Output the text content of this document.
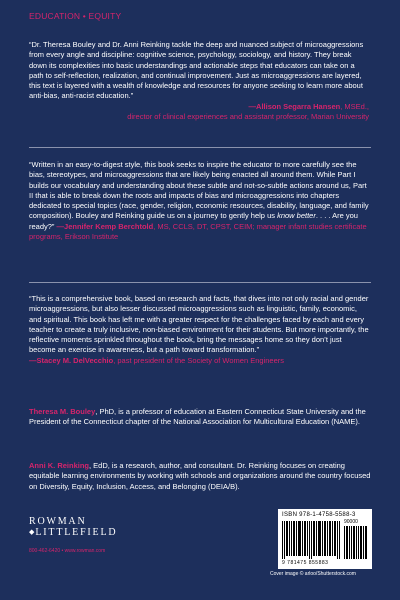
EDUCATION • EQUITY

“Dr. Theresa Bouley and Dr. Anni Reinking tackle the deep and nuanced subject of microaggressions from every angle and discipline: cognitive science, psychology, sociology, and history. They break down its complexities into basic understandings and actionable steps that educators can take on a path to self-reflection, realization, and continual improvement. Just as microaggressions are layered, this text is layered with a wealth of knowledge and resources for anyone seeking to learn more about anti-bias, anti-racist education.”

—Allison Segarra Hansen, MSEd.,
director of clinical experiences and assistant professor, Marian University

“Written in an easy-to-digest style, this book seeks to inspire the educator to more carefully see the bias, stereotypes, and microaggressions that are likely being enacted all around them. While Part I builds our vocabulary and understanding about these subtle and not-so-subtle actions around us, Part II that is able to break down the roots and impacts of bias and microaggressions into chapters dedicated to special topics (race, gender, religion, economic resources, disability, language, and family composition). Bouley and Reinking guide us on a journey to gently help us know better. . . . Are you ready?” —Jennifer Kemp Berchtold, MS, CCLS, DT, CPST, CEIM; manager infant studies certificate programs, Erikson Institute

“This is a comprehensive book, based on research and facts, that dives into not only racial and gender microaggressions, but also lesser discussed microaggressions such as linguistic, family, economic, and spiritual. This book has left me with a greater respect for the challenges faced by each and every teacher to create a truly inclusive, non-biased environment for their students. But more importantly, the reflective moments sprinkled throughout the book, bring the messages home so they don’t just become an exercise in awareness, but a path toward transformation.”

—Stacey M. DelVecchio, past president of the Society of Women Engineers

Theresa M. Bouley, PhD, is a professor of education at Eastern Connecticut State University and the President of the Connecticut chapter of the National Association for Multicultural Education (NAME).

Anni K. Reinking, EdD, is a research, author, and consultant. Dr. Reinking focuses on creating equitable learning environments by working with schools and organizations around the country focused on Diversity, Equity, Inclusion, Access, and Belonging (DEIA/B).

ROWMAN
◆LITTLEFIELD
800-462-6420 • www.rowman.com
ISBN 978-1-4758-5588-3
90000
9 781475 855883
Cover image © arloo/Shutterstock.com
